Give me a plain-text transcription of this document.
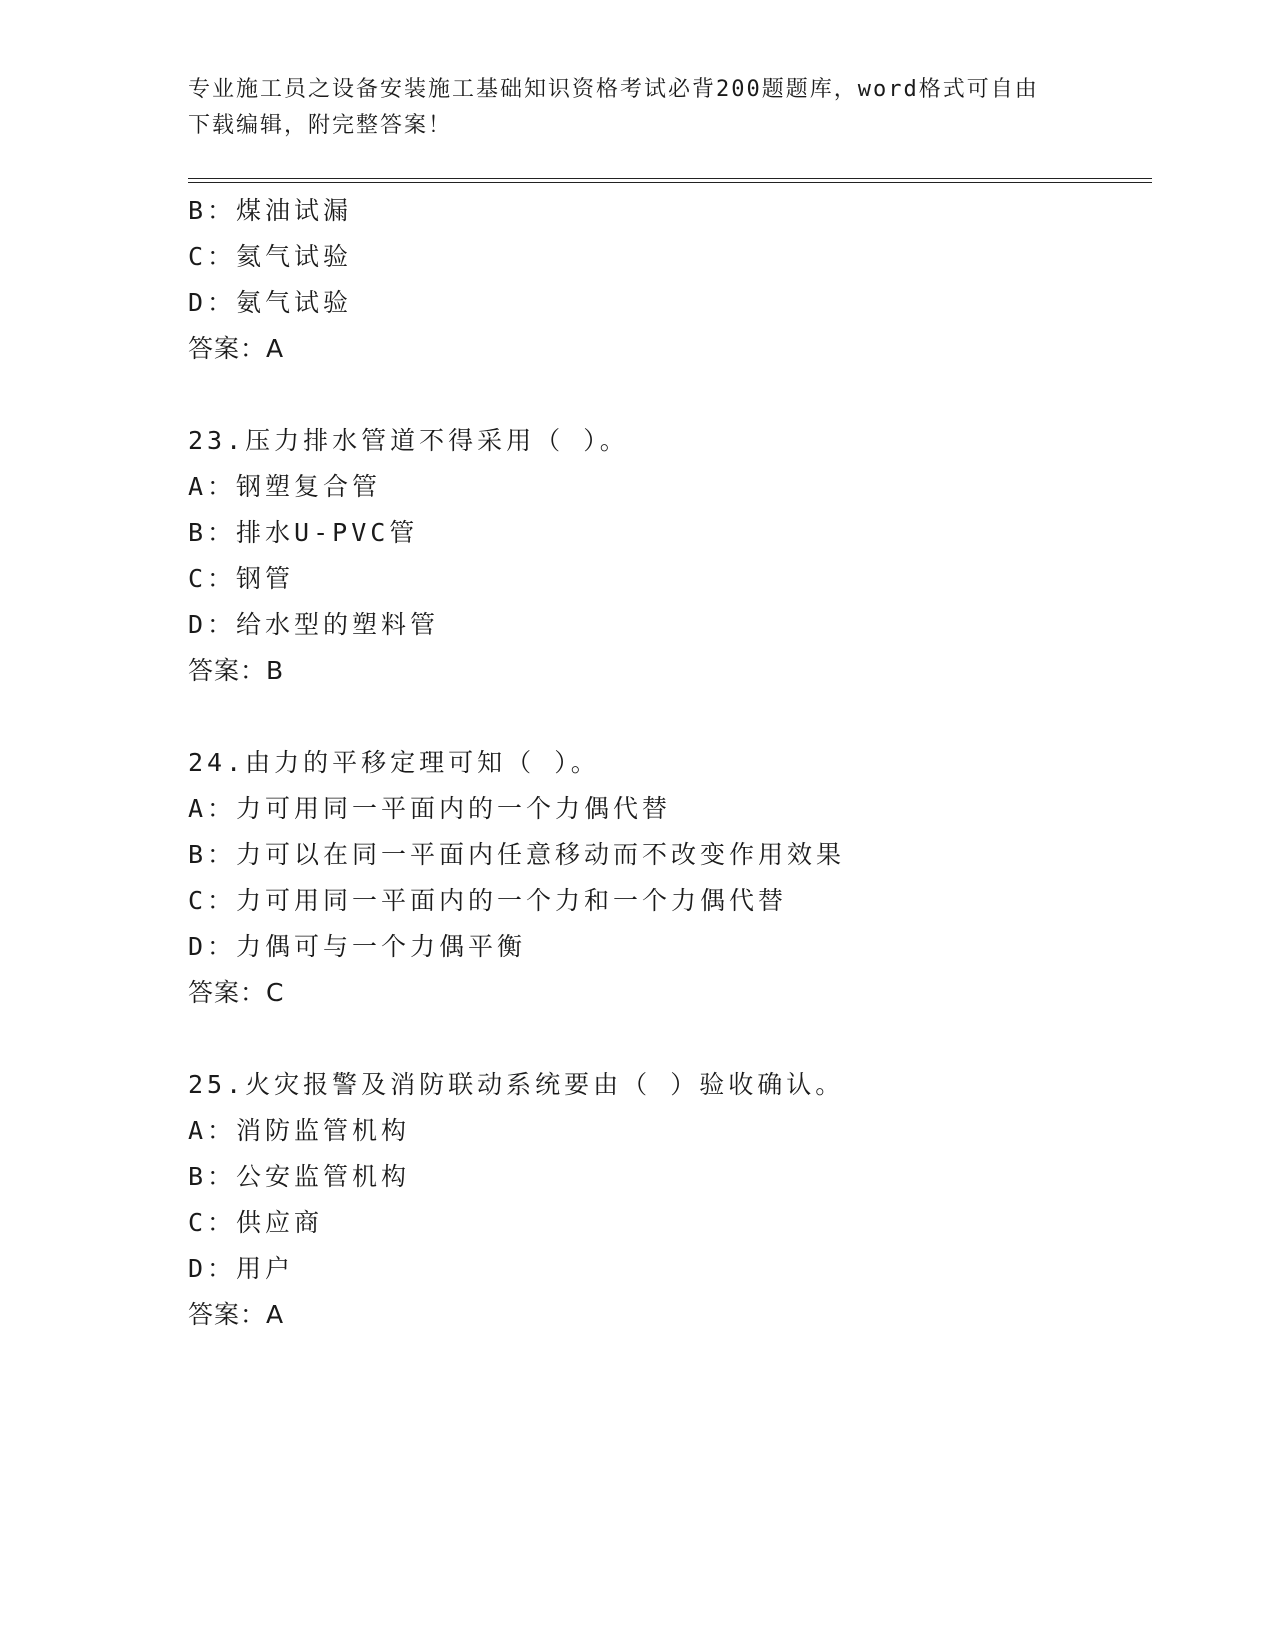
专业施工员之设备安装施工基础知识资格考试必背200题题库，word格式可自由
下载编辑，附完整答案！
B：煤油试漏
C：氦气试验
D：氨气试验
答案：A
23.压力排水管道不得采用（ ）。
A：钢塑复合管
B：排水U-PVC管
C：钢管
D：给水型的塑料管
答案：B
24.由力的平移定理可知（ ）。
A：力可用同一平面内的一个力偶代替
B：力可以在同一平面内任意移动而不改变作用效果
C：力可用同一平面内的一个力和一个力偶代替
D：力偶可与一个力偶平衡
答案：C
25.火灾报警及消防联动系统要由（ ）验收确认。
A：消防监管机构
B：公安监管机构
C：供应商
D：用户
答案：A
